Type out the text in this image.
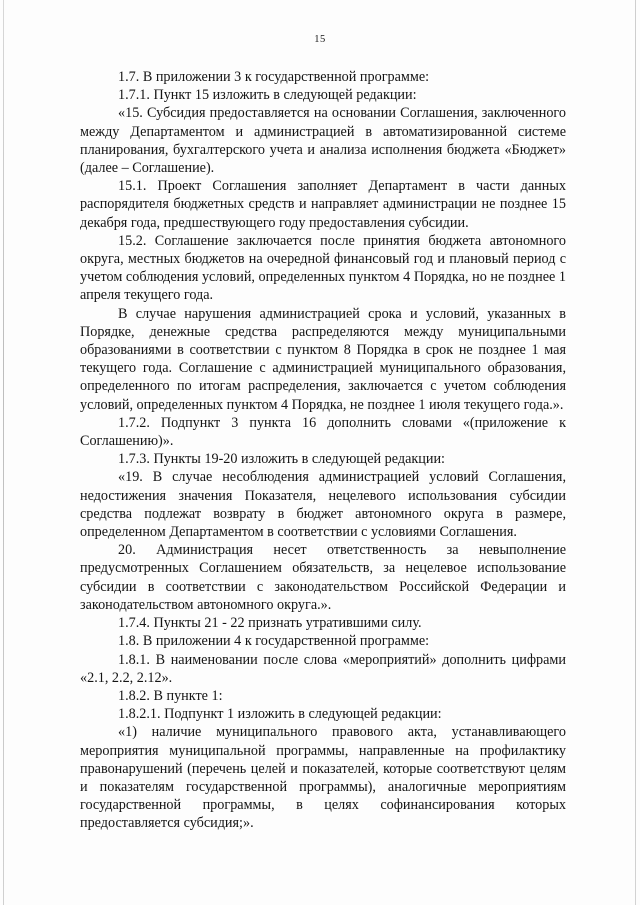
15

1.7. В приложении 3 к государственной программе:

1.7.1. Пункт 15 изложить в следующей редакции:

«15. Субсидия предоставляется на основании Соглашения, заключенного между Департаментом и администрацией в автоматизированной системе планирования, бухгалтерского учета и анализа исполнения бюджета «Бюджет» (далее – Соглашение).

15.1. Проект Соглашения заполняет Департамент в части данных распорядителя бюджетных средств и направляет администрации не позднее 15 декабря года, предшествующего году предоставления субсидии.

15.2. Соглашение заключается после принятия бюджета автономного округа, местных бюджетов на очередной финансовый год и плановый период с учетом соблюдения условий, определенных пунктом 4 Порядка, но не позднее 1 апреля текущего года.

В случае нарушения администрацией срока и условий, указанных в Порядке, денежные средства распределяются между муниципальными образованиями в соответствии с пунктом 8 Порядка в срок не позднее 1 мая текущего года. Соглашение с администрацией муниципального образования, определенного по итогам распределения, заключается с учетом соблюдения условий, определенных пунктом 4 Порядка, не позднее 1 июля текущего года.».

1.7.2. Подпункт 3 пункта 16 дополнить словами «(приложение к Соглашению)».

1.7.3. Пункты 19-20 изложить в следующей редакции:

«19. В случае несоблюдения администрацией условий Соглашения, недостижения значения Показателя, нецелевого использования субсидии средства подлежат возврату в бюджет автономного округа в размере, определенном Департаментом в соответствии с условиями Соглашения.

20. Администрация несет ответственность за невыполнение предусмотренных Соглашением обязательств, за нецелевое использование субсидии в соответствии с законодательством Российской Федерации и законодательством автономного округа.».

1.7.4. Пункты 21 - 22 признать утратившими силу.

1.8. В приложении 4 к государственной программе:

1.8.1. В наименовании после слова «мероприятий» дополнить цифрами «2.1, 2.2, 2.12».

1.8.2. В пункте 1:

1.8.2.1. Подпункт 1 изложить в следующей редакции:

«1) наличие муниципального правового акта, устанавливающего мероприятия муниципальной программы, направленные на профилактику правонарушений (перечень целей и показателей, которые соответствуют целям и показателям государственной программы), аналогичные мероприятиям государственной программы, в целях софинансирования которых предоставляется субсидия;».
